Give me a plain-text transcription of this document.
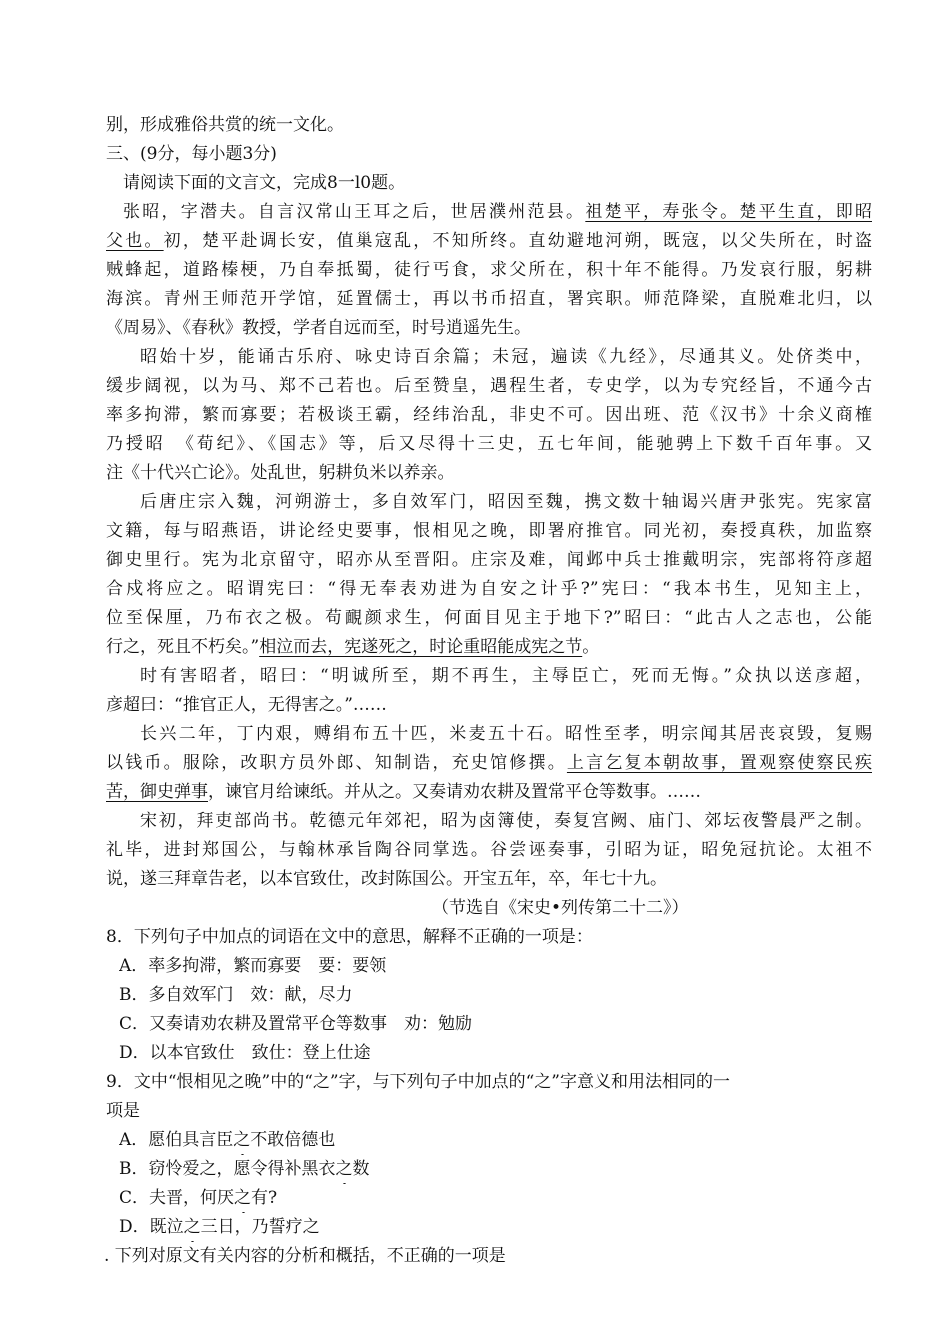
别，形成雅俗共赏的统一文化。
三、(9分，每小题3分)
请阅读下面的文言文，完成8一l0题。
张昭，字潜夫。自言汉常山王耳之后，世居濮州范县。祖楚平，寿张令。楚平生直，即昭
父也。初，楚平赴调长安，值巢寇乱，不知所终。直幼避地河朔，既寇，以父失所在，时盗
贼蜂起，道路榛梗，乃自奉抵蜀，徒行丐食，求父所在，积十年不能得。乃发哀行服，躬耕
海滨。青州王师范开学馆，延置儒士，再以书币招直，署宾职。师范降梁，直脱难北归，以
《周易》、《春秋》教授，学者自远而至，时号逍遥先生。
昭始十岁，能诵古乐府、咏史诗百余篇；未冠，遍读《九经》，尽通其义。处侪类中，
缓步阔视，以为马、郑不己若也。后至赞皇，遇程生者，专史学，以为专究经旨，不通今古
率多拘滞，繁而寡要；若极谈王霸，经纬治乱，非史不可。因出班、范《汉书》十余义商榷
乃授昭　《荀纪》、《国志》等，后又尽得十三史，五七年间，能驰骋上下数千百年事。又
注《十代兴亡论》。处乱世，躬耕负米以养亲。
后唐庄宗入魏，河朔游士，多自效军门，昭因至魏，携文数十轴谒兴唐尹张宪。宪家富
文籍，每与昭燕语，讲论经史要事，恨相见之晚，即署府推官。同光初，奏授真秩，加监察
御史里行。宪为北京留守，昭亦从至晋阳。庄宗及难，闻邺中兵士推戴明宗，宪部将符彦超
合戍将应之。昭谓宪曰：“得无奉表劝进为自安之计乎?”宪曰：“我本书生，见知主上，
位至保厘，乃布衣之极。苟靦颜求生，何面目见主于地下?”昭曰：“此古人之志也，公能
行之，死且不朽矣。”相泣而去，宪遂死之，时论重昭能成宪之节。
时有害昭者，昭曰：“明诚所至，期不再生，主辱臣亡，死而无悔。”众执以送彦超，
彦超曰：“推官正人，无得害之。”……
长兴二年，丁内艰，赙绢布五十匹，米麦五十石。昭性至孝，明宗闻其居丧哀毁，复赐
以钱币。服除，改职方员外郎、知制诰，充史馆修撰。上言乞复本朝故事，置观察使察民疾
苦，御史弹事，谏官月给谏纸。并从之。又奏请劝农耕及置常平仓等数事。……
宋初，拜吏部尚书。乾德元年郊祀，昭为卤簿使，奏复宫阙、庙门、郊坛夜警晨严之制。
礼毕，进封郑国公，与翰林承旨陶谷同掌选。谷尝诬奏事，引昭为证，昭免冠抗论。太祖不
说，遂三拜章告老，以本官致仕，改封陈国公。开宝五年，卒，年七十九。
（节选自《宋史•列传第二十二》）
8．下列句子中加点的词语在文中的意思，解释不正确的一项是：
A．率多拘滞，繁而寡要　要：要领
B．多自效军门　效：献，尽力
C．又奏请劝农耕及置常平仓等数事　劝：勉励
D．以本官致仕　致仕：登上仕途
9．文中“恨相见之晚”中的“之”字，与下列句子中加点的“之”字意义和用法相同的一
项是
A．愿伯具言臣之不敢倍德也
B．窃怜爱之，愿令得补黑衣之数
C．夫晋，何厌之有?
D．既泣之三日，乃誓疗之
. 下列对原文有关内容的分析和概括，不正确的一项是
